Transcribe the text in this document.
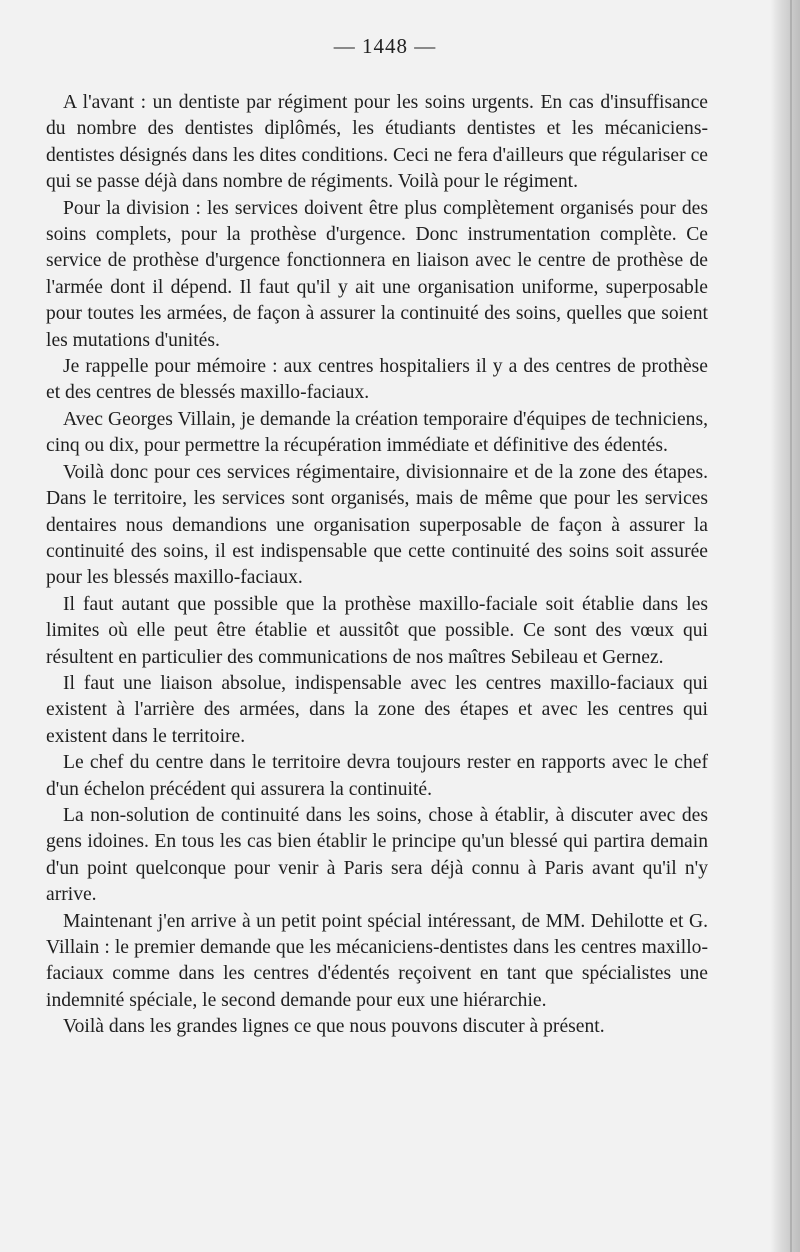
— 1448 —

A l'avant : un dentiste par régiment pour les soins urgents. En cas d'insuffisance du nombre des dentistes diplômés, les étudiants dentistes et les mécaniciens-dentistes désignés dans les dites conditions. Ceci ne fera d'ailleurs que régulariser ce qui se passe déjà dans nombre de régiments. Voilà pour le régiment.

Pour la division : les services doivent être plus complètement organisés pour des soins complets, pour la prothèse d'urgence. Donc instrumentation complète. Ce service de prothèse d'urgence fonctionnera en liaison avec le centre de prothèse de l'armée dont il dépend. Il faut qu'il y ait une organisation uniforme, superposable pour toutes les armées, de façon à assurer la continuité des soins, quelles que soient les mutations d'unités.

Je rappelle pour mémoire : aux centres hospitaliers il y a des centres de prothèse et des centres de blessés maxillo-faciaux.

Avec Georges Villain, je demande la création temporaire d'équipes de techniciens, cinq ou dix, pour permettre la récupération immédiate et définitive des édentés.

Voilà donc pour ces services régimentaire, divisionnaire et de la zone des étapes. Dans le territoire, les services sont organisés, mais de même que pour les services dentaires nous demandions une organisation superposable de façon à assurer la continuité des soins, il est indispensable que cette continuité des soins soit assurée pour les blessés maxillo-faciaux.

Il faut autant que possible que la prothèse maxillo-faciale soit établie dans les limites où elle peut être établie et aussitôt que possible. Ce sont des vœux qui résultent en particulier des communications de nos maîtres Sebileau et Gernez.

Il faut une liaison absolue, indispensable avec les centres maxillo-faciaux qui existent à l'arrière des armées, dans la zone des étapes et avec les centres qui existent dans le territoire.

Le chef du centre dans le territoire devra toujours rester en rapports avec le chef d'un échelon précédent qui assurera la continuité.

La non-solution de continuité dans les soins, chose à établir, à discuter avec des gens idoines. En tous les cas bien établir le principe qu'un blessé qui partira demain d'un point quelconque pour venir à Paris sera déjà connu à Paris avant qu'il n'y arrive.

Maintenant j'en arrive à un petit point spécial intéressant, de MM. Dehilotte et G. Villain : le premier demande que les mécaniciens-dentistes dans les centres maxillo-faciaux comme dans les centres d'édentés reçoivent en tant que spécialistes une indemnité spéciale, le second demande pour eux une hiérarchie.

Voilà dans les grandes lignes ce que nous pouvons discuter à présent.
